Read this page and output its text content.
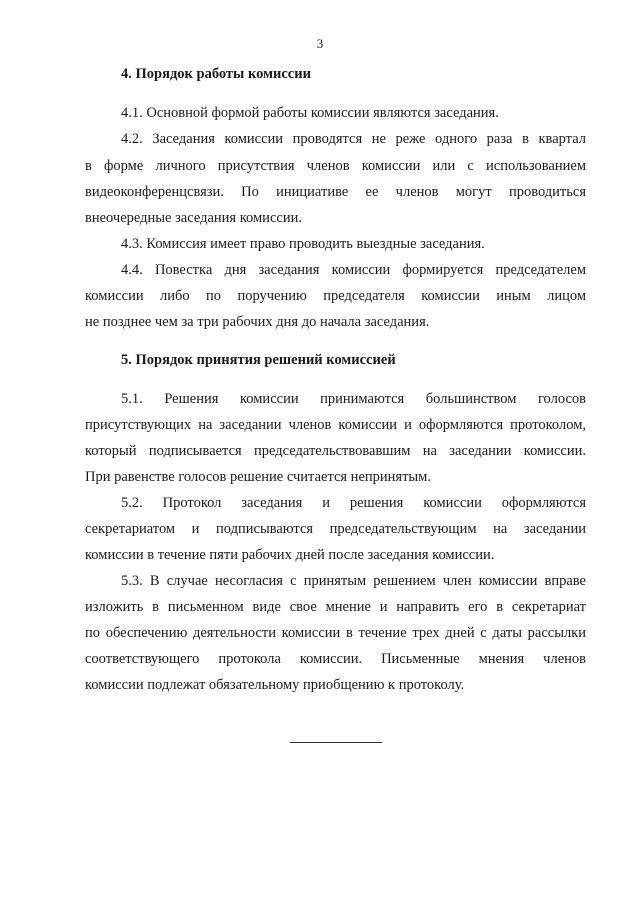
3
4. Порядок работы комиссии
4.1. Основной формой работы комиссии являются заседания.
4.2. Заседания комиссии проводятся не реже одного раза в квартал
в форме личного присутствия членов комиссии или с использованием
видеоконференцсвязи. По инициативе ее членов могут проводиться
внеочередные заседания комиссии.
4.3. Комиссия имеет право проводить выездные заседания.
4.4. Повестка дня заседания комиссии формируется председателем
комиссии либо по поручению председателя комиссии иным лицом
не позднее чем за три рабочих дня до начала заседания.
5. Порядок принятия решений комиссией
5.1. Решения комиссии принимаются большинством голосов
присутствующих на заседании членов комиссии и оформляются протоколом,
который подписывается председательствовавшим на заседании комиссии.
При равенстве голосов решение считается непринятым.
5.2. Протокол заседания и решения комиссии оформляются
секретариатом и подписываются председательствующим на заседании
комиссии в течение пяти рабочих дней после заседания комиссии.
5.3. В случае несогласия с принятым решением член комиссии вправе
изложить в письменном виде свое мнение и направить его в секретариат
по обеспечению деятельности комиссии в течение трех дней с даты рассылки
соответствующего протокола комиссии. Письменные мнения членов
комиссии подлежат обязательному приобщению к протоколу.
